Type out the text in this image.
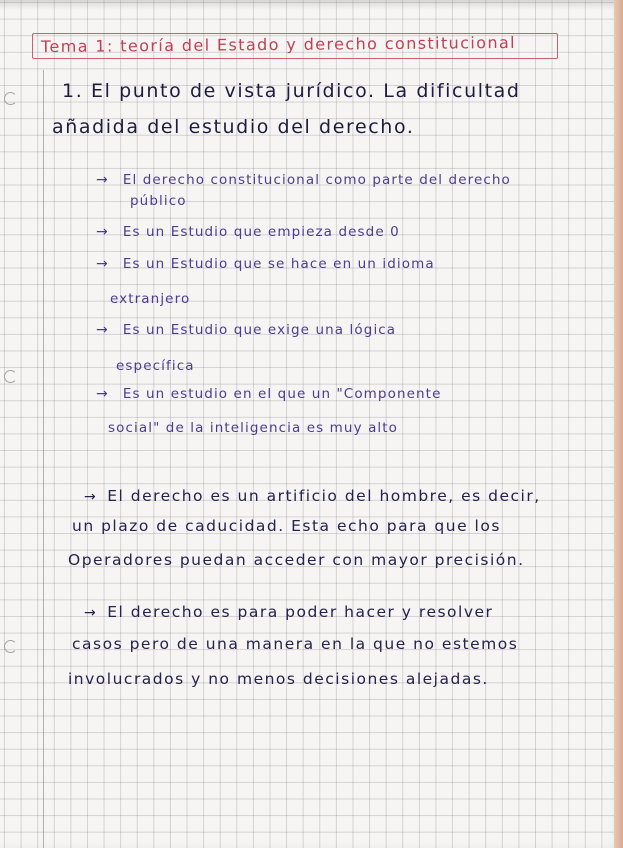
Tema 1: teoría del Estado y derecho constitucional
1. El punto de vista jurídico. La dificultad
añadida del estudio del derecho.
→ El derecho constitucional como parte del derecho
público
→ Es un Estudio que empieza desde 0
→ Es un Estudio que se hace en un idioma
extranjero
→ Es un Estudio que exige una lógica
específica
→ Es un estudio en el que un "Componente
social" de la inteligencia es muy alto
→ El derecho es un artificio del hombre, es decir,
un plazo de caducidad. Esta echo para que los
Operadores puedan acceder con mayor precisión.
→ El derecho es para poder hacer y resolver
casos pero de una manera en la que no estemos
involucrados y no menos decisiones alejadas.
